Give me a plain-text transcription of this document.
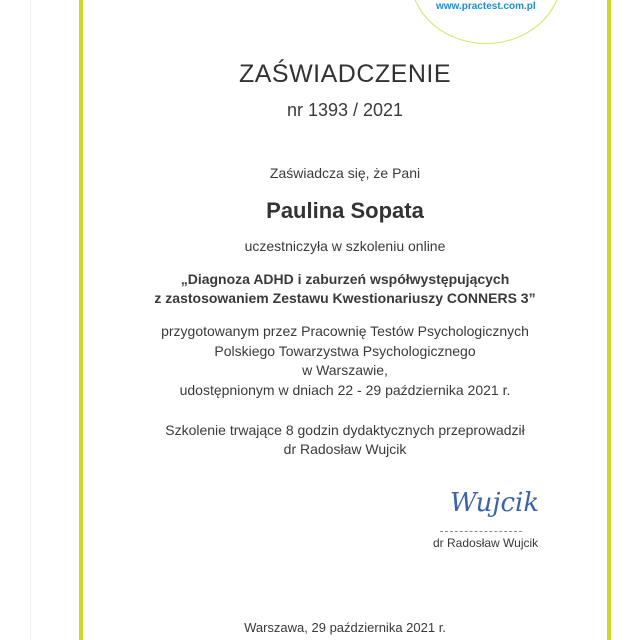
www.practest.com.pl
ZAŚWIADCZENIE
nr 1393 / 2021
Zaświadcza się, że Pani
Paulina Sopata
uczestniczyła w szkoleniu online
„Diagnoza ADHD i zaburzeń współwystępujących
z zastosowaniem Zestawu Kwestionariuszy CONNERS 3”
przygotowanym przez Pracownię Testów Psychologicznych
Polskiego Towarzystwa Psychologicznego
w Warszawie,
udostępnionym w dniach 22 - 29 października 2021 r.
Szkolenie trwające 8 godzin dydaktycznych przeprowadził
dr Radosław Wujcik
Wujcik
dr Radosław Wujcik
Warszawa, 29 października 2021 r.
